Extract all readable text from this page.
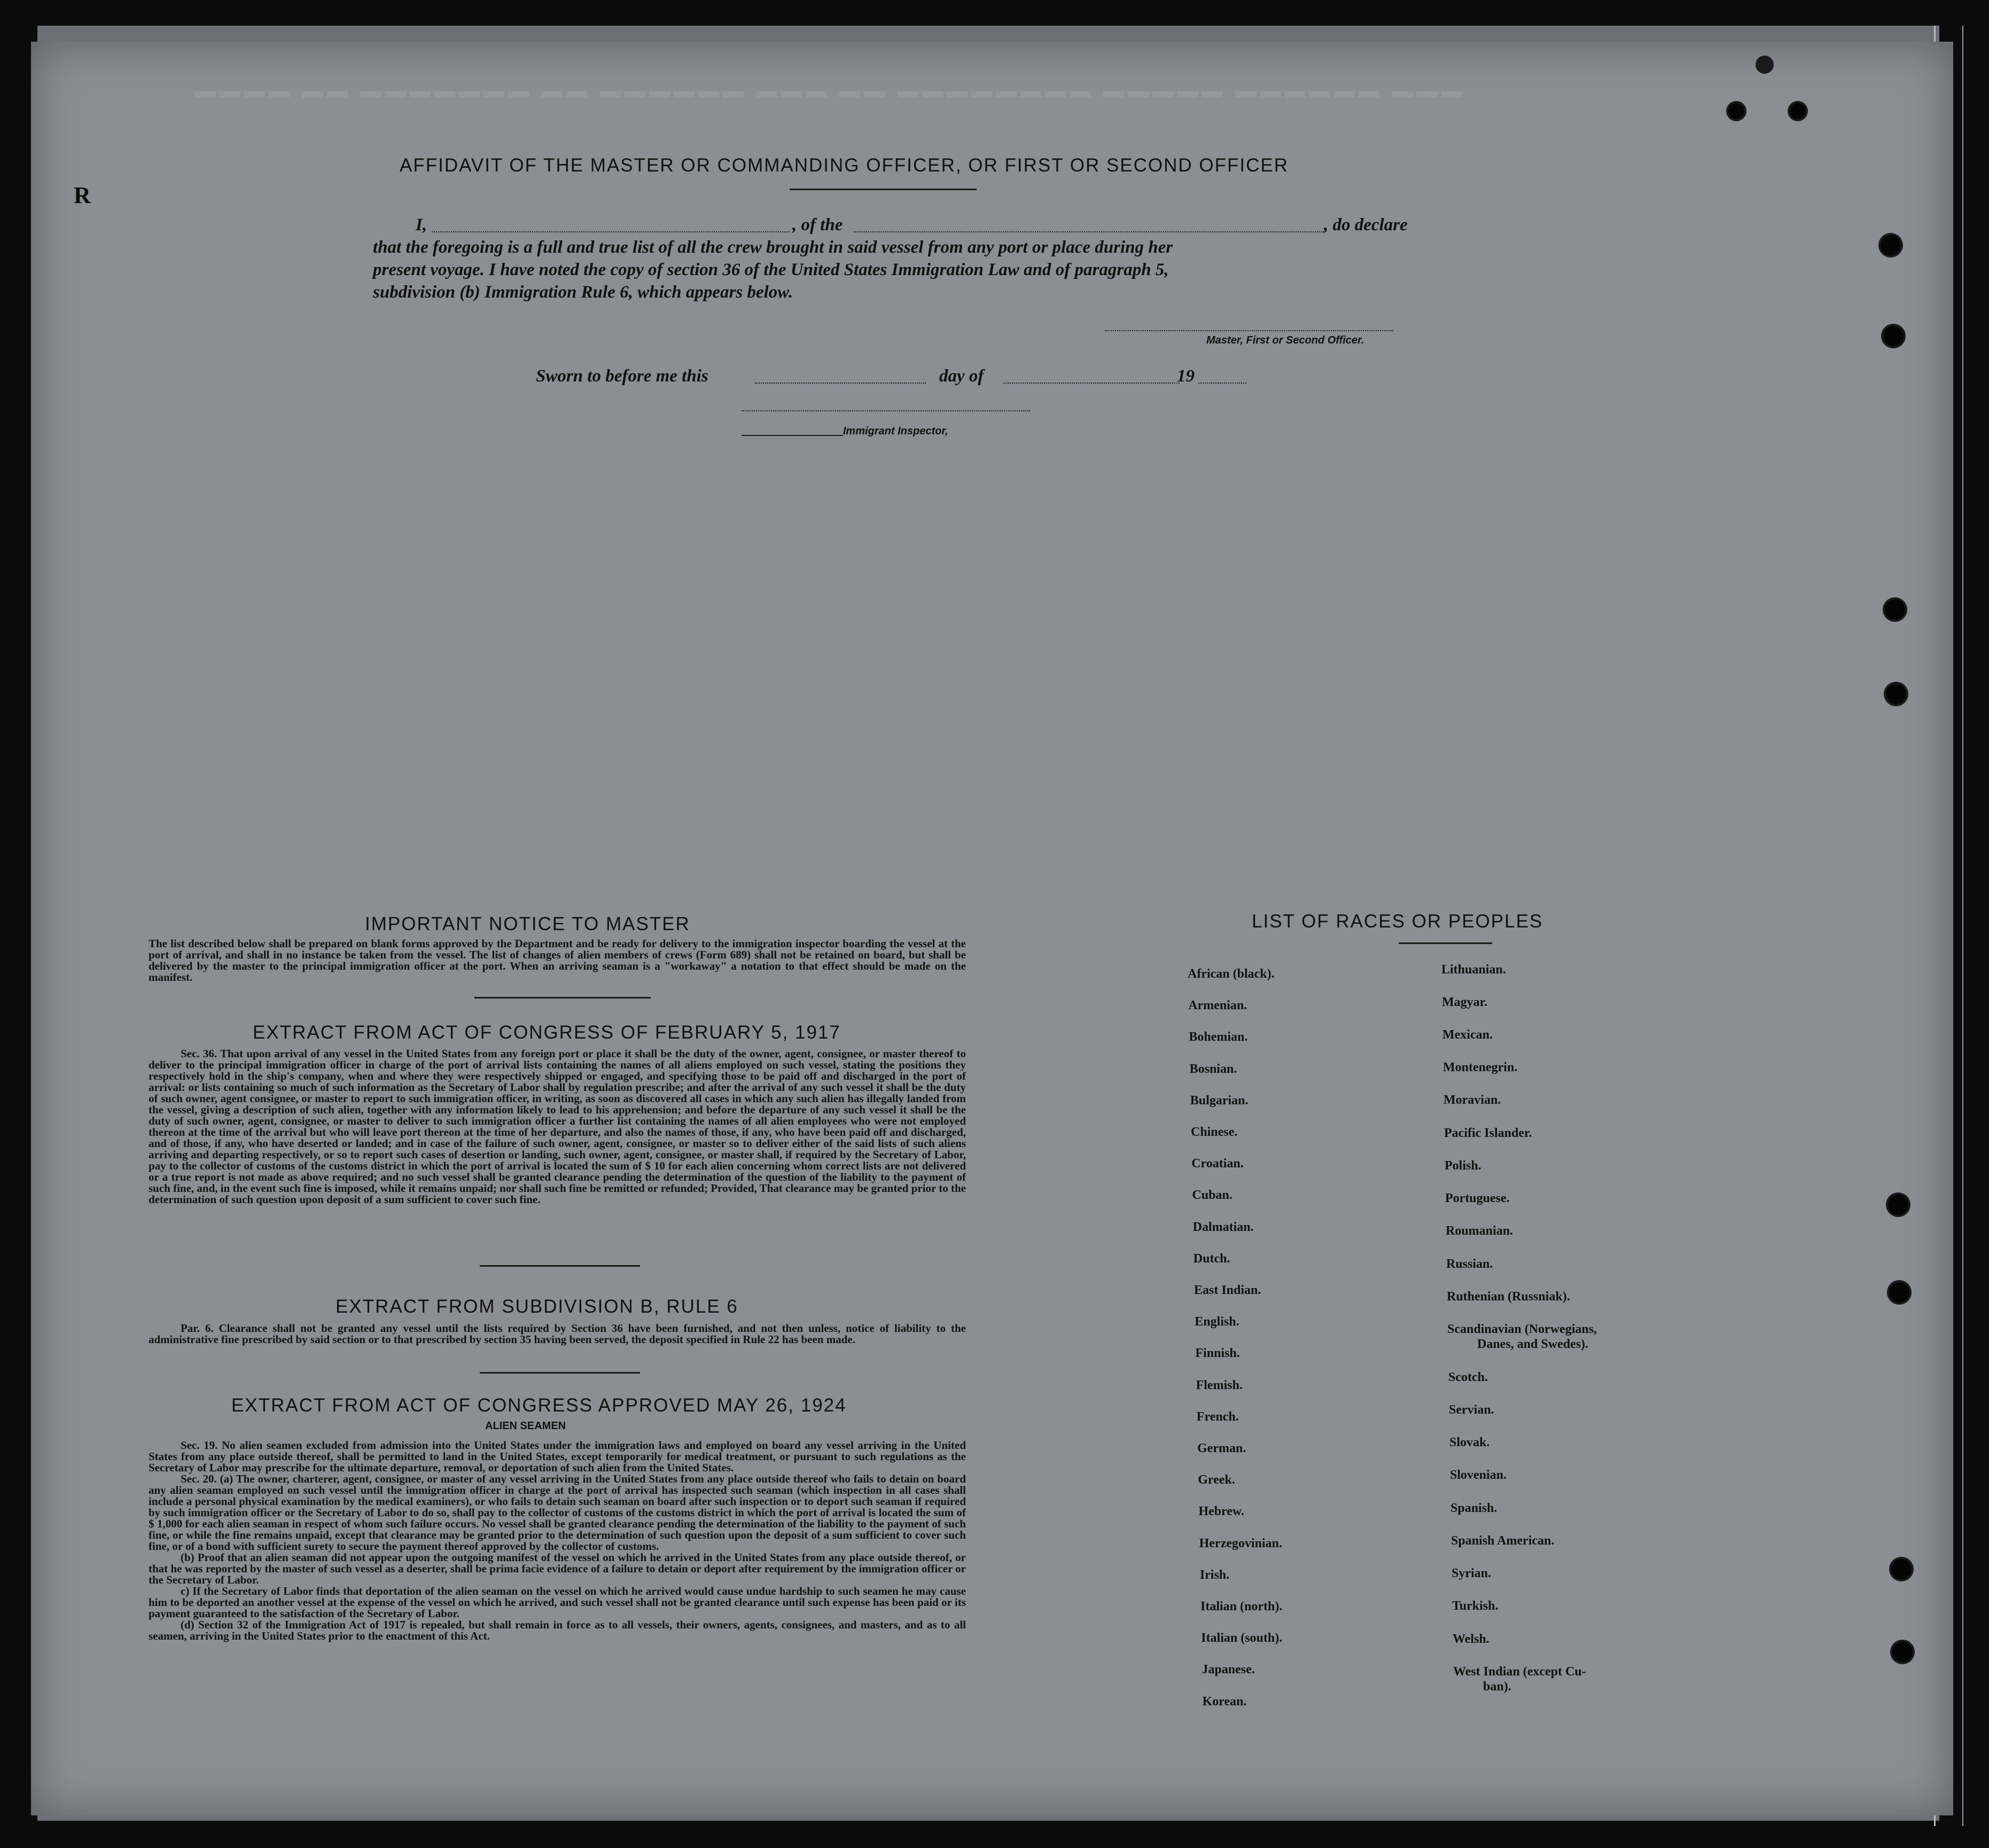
▬▬▬ ▬▬▬▬▬▬ ▬▬▬▬▬ ▬▬▬▬▬▬▬▬ ▬▬ ▬▬▬ ▬▬▬▬▬▬ ▬▬ ▬▬▬▬▬▬▬ ▬▬ ▬▬▬▬
R
AFFIDAVIT OF THE MASTER OR COMMANDING OFFICER, OR FIRST OR SECOND OFFICER
I,	, of the	, do declare
that the foregoing is a full and true list of all the crew brought in said vessel from any port or place during her
present voyage. I have noted the copy of section 36 of the United States Immigration Law and of paragraph 5,
subdivision (b) Immigration Rule 6, which appears below.
Master, First or Second Officer.
Sworn to before me this	day of	19
Immigrant Inspector,
IMPORTANT NOTICE TO MASTER

The list described below shall be prepared on blank forms approved by the Department and be ready for delivery to the immigration inspector boarding the vessel at the port of arrival, and shall in no instance be taken from the vessel. The list of changes of alien members of crews (Form 689) shall not be retained on board, but shall be delivered by the master to the principal immigration officer at the port. When an arriving seaman is a "workaway" a notation to that effect should be made on the manifest.

EXTRACT FROM ACT OF CONGRESS OF FEBRUARY 5, 1917

Sec. 36. That upon arrival of any vessel in the United States from any foreign port or place it shall be the duty of the owner, agent, consignee, or master thereof to deliver to the principal immigration officer in charge of the port of arrival lists containing the names of all aliens employed on such vessel, stating the positions they respectively hold in the ship's company, when and where they were respectively shipped or engaged, and specifying those to be paid off and discharged in the port of arrival: or lists containing so much of such information as the Secretary of Labor shall by regulation prescribe; and after the arrival of any such vessel it shall be the duty of such owner, agent consignee, or master to report to such immigration officer, in writing, as soon as discovered all cases in which any such alien has illegally landed from the vessel, giving a description of such alien, together with any information likely to lead to his apprehension; and before the departure of any such vessel it shall be the duty of such owner, agent, consignee, or master to deliver to such immigration officer a further list containing the names of all alien employees who were not employed thereon at the time of the arrival but who will leave port thereon at the time of her departure, and also the names of those, if any, who have been paid off and discharged, and of those, if any, who have deserted or landed; and in case of the failure of such owner, agent, consignee, or master so to deliver either of the said lists of such aliens arriving and departing respectively, or so to report such cases of desertion or landing, such owner, agent, consignee, or master shall, if required by the Secretary of Labor, pay to the collector of customs of the customs district in which the port of arrival is located the sum of $ 10 for each alien concerning whom correct lists are not delivered or a true report is not made as above required; and no such vessel shall be granted clearance pending the determination of the question of the liability to the payment of such fine, and, in the event such fine is imposed, while it remains unpaid; nor shall such fine be remitted or refunded; Provided, That clearance may be granted prior to the determination of such question upon deposit of a sum sufficient to cover such fine.

EXTRACT FROM SUBDIVISION B, RULE 6

Par. 6. Clearance shall not be granted any vessel until the lists required by Section 36 have been furnished, and not then unless, notice of liability to the administrative fine prescribed by said section or to that prescribed by section 35 having been served, the deposit specified in Rule 22 has been made.

EXTRACT FROM ACT OF CONGRESS APPROVED MAY 26, 1924
ALIEN SEAMEN

Sec. 19. No alien seamen excluded from admission into the United States under the immigration laws and employed on board any vessel arriving in the United States from any place outside thereof, shall be permitted to land in the United States, except temporarily for medical treatment, or pursuant to such regulations as the Secretary of Labor may prescribe for the ultimate departure, removal, or deportation of such alien from the United States.

Sec. 20. (a) The owner, charterer, agent, consignee, or master of any vessel arriving in the United States from any place outside thereof who fails to detain on board any alien seaman employed on such vessel until the immigration officer in charge at the port of arrival has inspected such seaman (which inspection in all cases shall include a personal physical examination by the medical examiners), or who fails to detain such seaman on board after such inspection or to deport such seaman if required by such immigration officer or the Secretary of Labor to do so, shall pay to the collector of customs of the customs district in which the port of arrival is located the sum of $ 1,000 for each alien seaman in respect of whom such failure occurs. No vessel shall be granted clearance pending the determination of the liability to the payment of such fine, or while the fine remains unpaid, except that clearance may be granted prior to the determination of such question upon the deposit of a sum sufficient to cover such fine, or of a bond with sufficient surety to secure the payment thereof approved by the collector of customs.

(b) Proof that an alien seaman did not appear upon the outgoing manifest of the vessel on which he arrived in the United States from any place outside thereof, or that he was reported by the master of such vessel as a deserter, shall be prima facie evidence of a failure to detain or deport after requirement by the immigration officer or the Secretary of Labor.

c) If the Secretary of Labor finds that deportation of the alien seaman on the vessel on which he arrived would cause undue hardship to such seamen he may cause him to be deported an another vessel at the expense of the vessel on which he arrived, and such vessel shall not be granted clearance until such expense has been paid or its payment guaranteed to the satisfaction of the Secretary of Labor.

(d) Section 32 of the Immigration Act of 1917 is repealed, but shall remain in force as to all vessels, their owners, agents, consignees, and masters, and as to all seamen, arriving in the United States prior to the enactment of this Act.

LIST OF RACES OR PEOPLES
African (black).
Armenian.
Bohemian.
Bosnian.
Bulgarian.
Chinese.
Croatian.
Cuban.
Dalmatian.
Dutch.
East Indian.
English.
Finnish.
Flemish.
French.
German.
Greek.
Hebrew.
Herzegovinian.
Irish.
Italian (north).
Italian (south).
Japanese.
Korean.
Lithuanian.
Magyar.
Mexican.
Montenegrin.
Moravian.
Pacific Islander.
Polish.
Portuguese.
Roumanian.
Russian.
Ruthenian (Russniak).
Scandinavian (Norwegians,
Danes, and Swedes).
Scotch.
Servian.
Slovak.
Slovenian.
Spanish.
Spanish American.
Syrian.
Turkish.
Welsh.
West Indian (except Cu-
ban).
